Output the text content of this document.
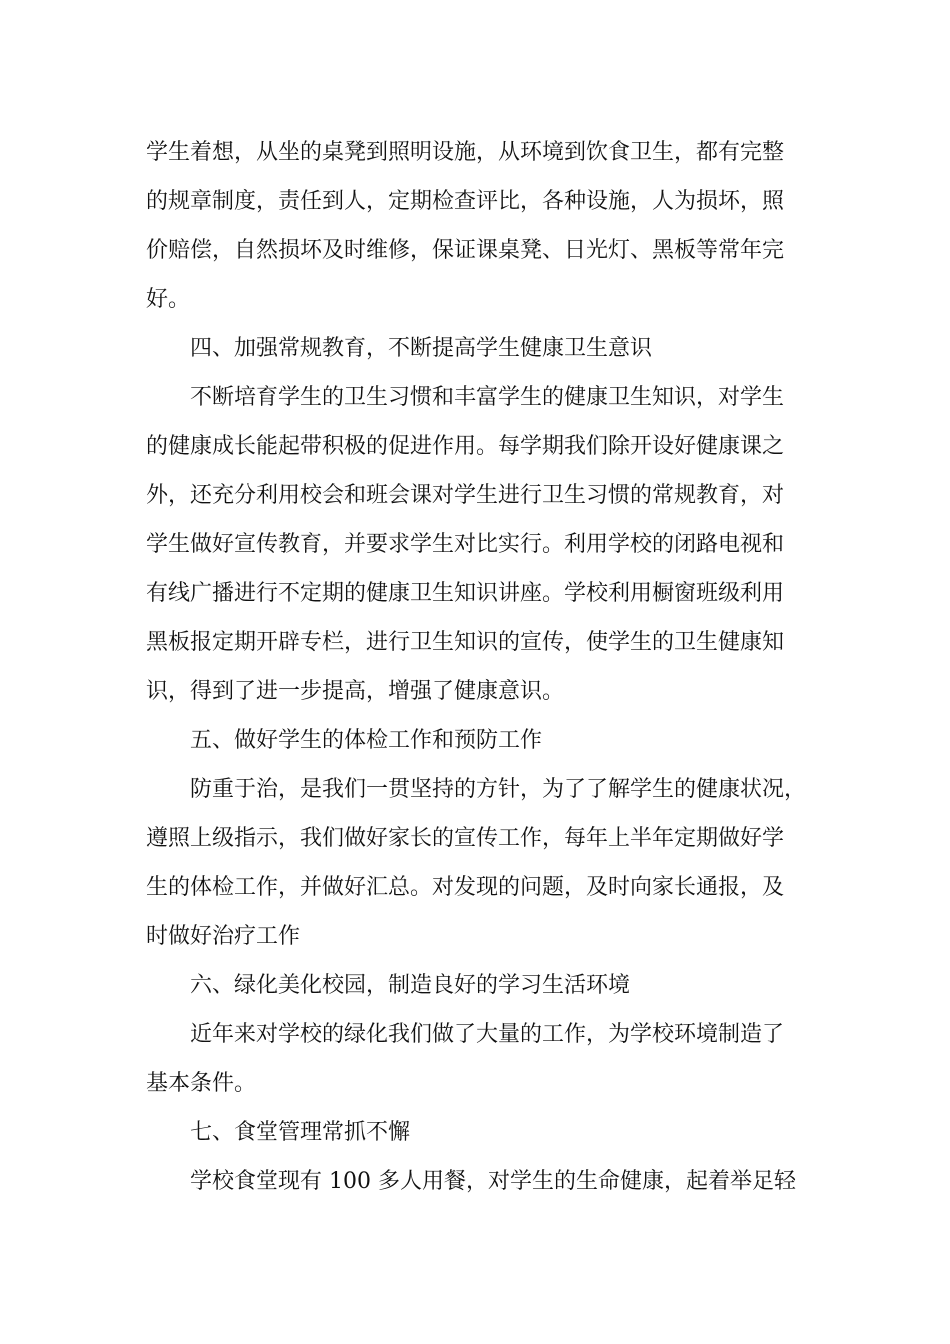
学生着想，从坐的桌凳到照明设施，从环境到饮食卫生，都有完整
的规章制度，责任到人，定期检查评比，各种设施，人为损坏，照
价赔偿，自然损坏及时维修，保证课桌凳、日光灯、黑板等常年完
好。
四、加强常规教育，不断提高学生健康卫生意识
不断培育学生的卫生习惯和丰富学生的健康卫生知识，对学生
的健康成长能起带积极的促进作用。每学期我们除开设好健康课之
外，还充分利用校会和班会课对学生进行卫生习惯的常规教育，对
学生做好宣传教育，并要求学生对比实行。利用学校的闭路电视和
有线广播进行不定期的健康卫生知识讲座。学校利用橱窗班级利用
黑板报定期开辟专栏，进行卫生知识的宣传，使学生的卫生健康知
识，得到了进一步提高，增强了健康意识。
五、做好学生的体检工作和预防工作
防重于治，是我们一贯坚持的方针，为了了解学生的健康状况，
遵照上级指示，我们做好家长的宣传工作，每年上半年定期做好学
生的体检工作，并做好汇总。对发现的问题，及时向家长通报，及
时做好治疗工作
六、绿化美化校园，制造良好的学习生活环境
近年来对学校的绿化我们做了大量的工作，为学校环境制造了
基本条件。
七、食堂管理常抓不懈
学校食堂现有 100 多人用餐，对学生的生命健康，起着举足轻
